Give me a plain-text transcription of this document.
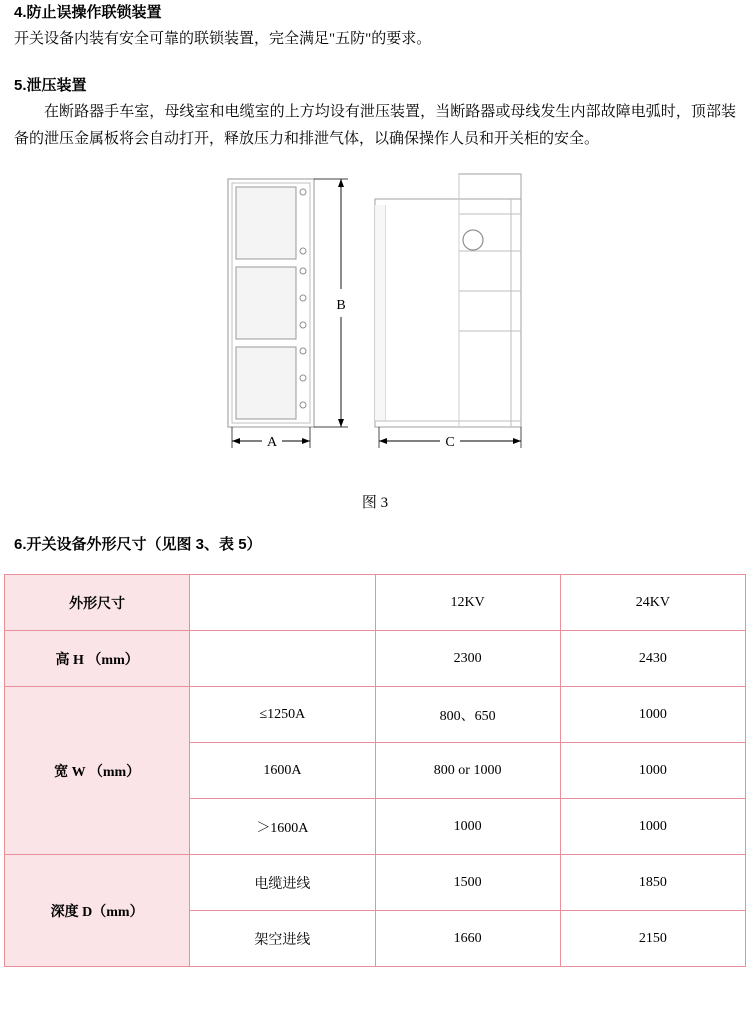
4.防止误操作联锁装置
开关设备内装有安全可靠的联锁装置，完全满足"五防"的要求。
5.泄压装置
在断路器手车室，母线室和电缆室的上方均设有泄压装置，当断路器或母线发生内部故障电弧时，顶部装备的泄压金属板将会自动打开，释放压力和排泄气体，以确保操作人员和开关柜的安全。
B
A	C
图 3
6.开关设备外形尺寸（见图 3、表 5）
外形尺寸		12KV	24KV
高 H （mm）		2300	2430
宽 W （mm）	≤1250A	800、650	1000
	1600A	800 or 1000	1000
	＞1600A	1000	1000
深度 D（mm）	电缆进线	1500	1850
	架空进线	1660	2150
